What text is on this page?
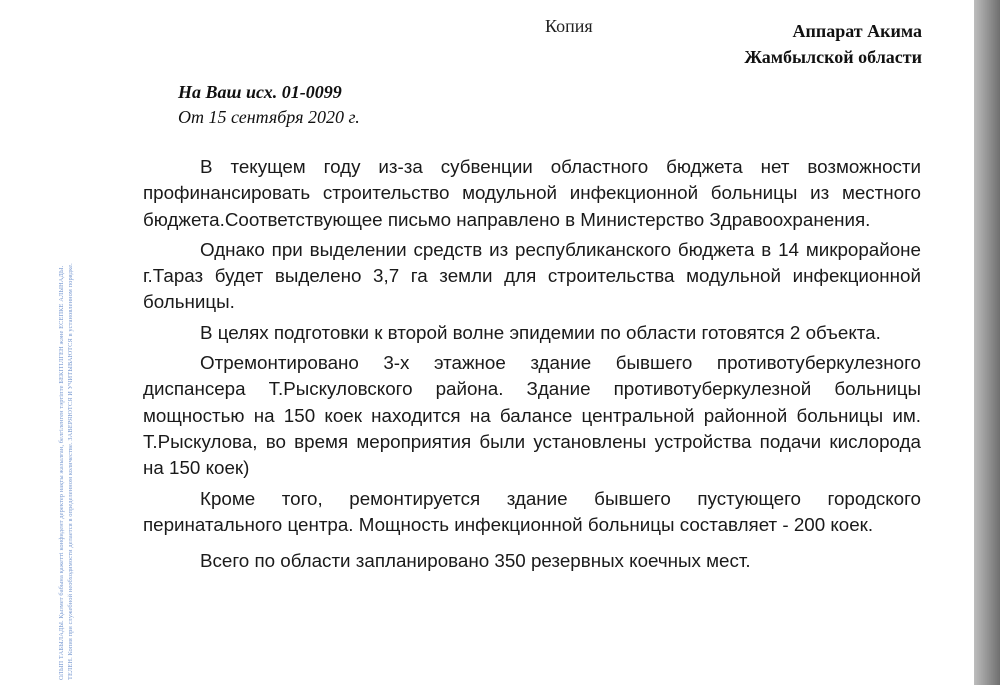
ОЛЫП ТАБЫЛАДЫ. Қызмет бабына қажетті конфидент деректер нақты жазылған, белгіленген тәртіпте БЕКІТІЛГЕН және ЕСЕПКЕ АЛЫНАДЫ. ТЕЛЕН. Копия при служебной необходимости делается в определенном количестве. ЗАВЕРЯЮТСЯ И УЧИТЫВАЮТСЯ в установленном порядке.
Копия	Аппарат Акима
Жамбылской области
На Ваш исх. 01-0099
От 15 сентября 2020 г.

В текущем году из-за субвенции областного бюджета нет возможности профинансировать строительство модульной инфекционной больницы из местного бюджета.Соответствующее письмо направлено в Министерство Здравоохранения.

Однако при выделении средств из республиканского бюджета в 14 микрорайоне г.Тараз будет выделено 3,7 га земли для строительства модульной инфекционной больницы.

В целях подготовки к второй волне эпидемии по области готовятся 2 объекта.

Отремонтировано 3-х этажное здание бывшего противотуберкулезного диспансера Т.Рыскуловского района. Здание противотуберкулезной больницы мощностью на 150 коек находится на балансе центральной районной больницы им. Т.Рыскулова, во время мероприятия были установлены устройства подачи кислорода на 150 коек)

Кроме того, ремонтируется здание бывшего пустующего городского перинатального центра. Мощность инфекционной больницы составляет - 200 коек.

Всего по области запланировано 350 резервных коечных мест.
